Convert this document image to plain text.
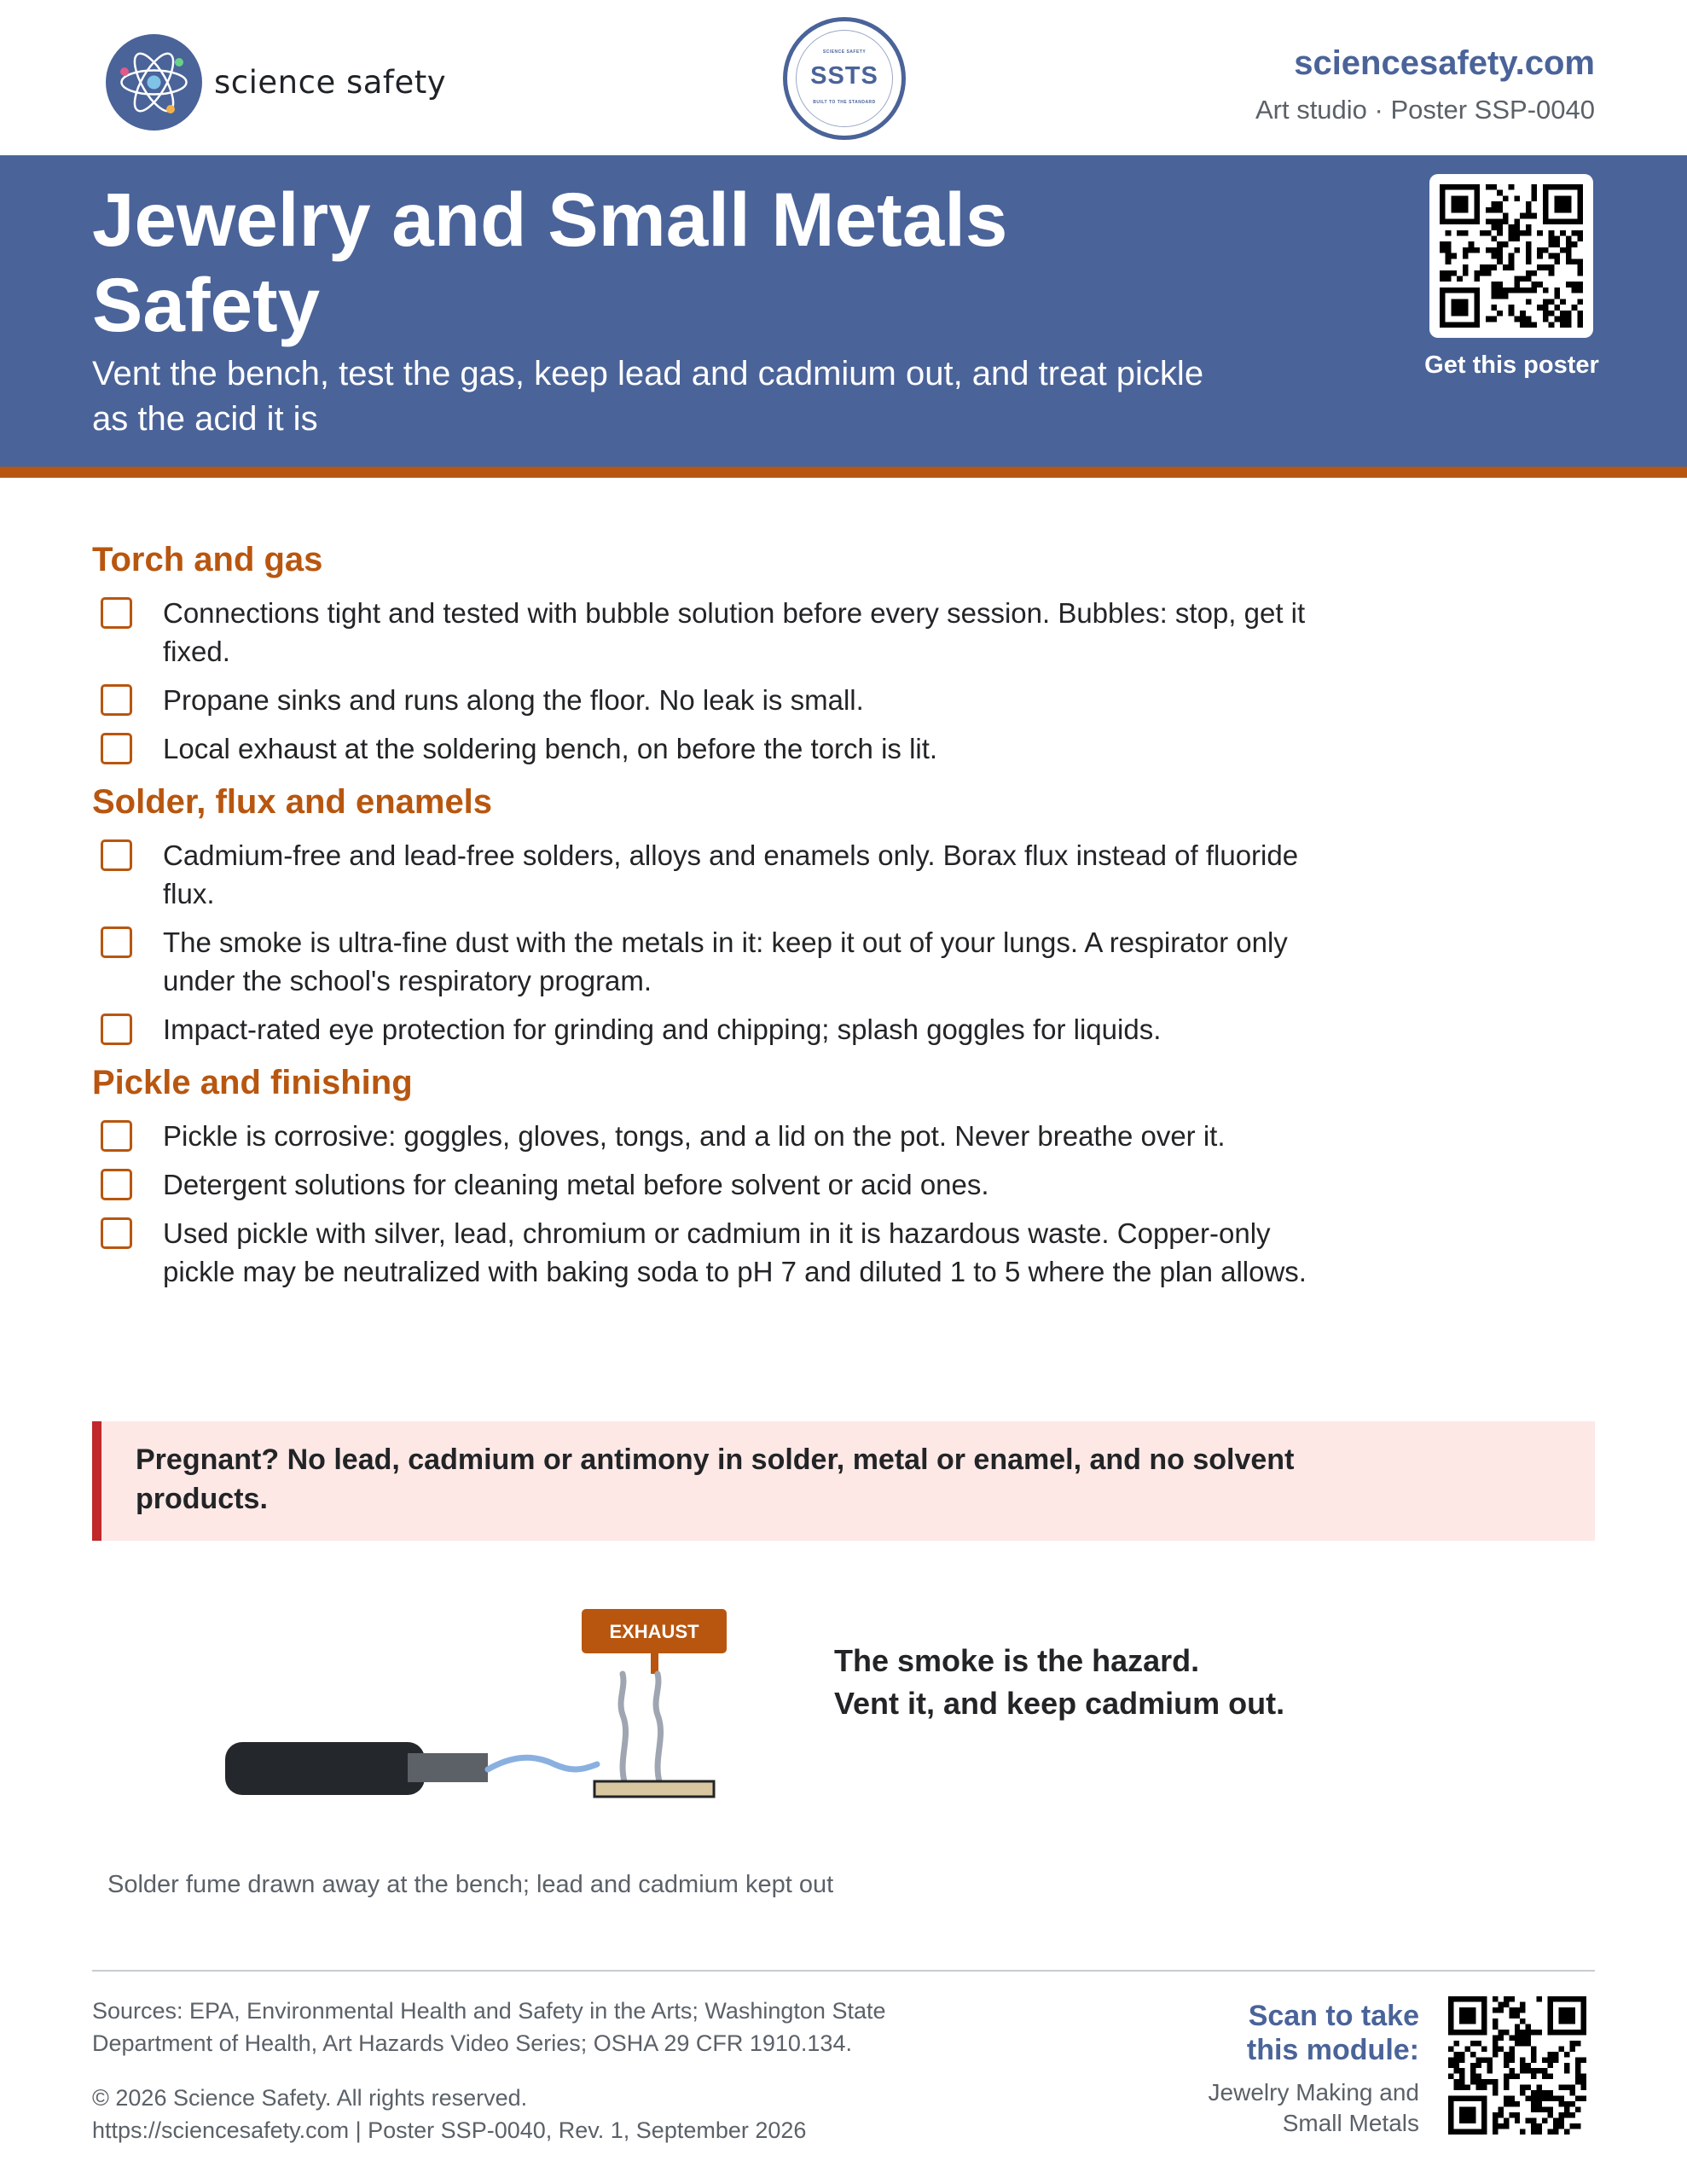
science safety
SCIENCE SAFETY
SSTS
BUILT TO THE STANDARD
sciencesafety.com
Art studio · Poster SSP-0040
Jewelry and Small Metals Safety
Vent the bench, test the gas, keep lead and cadmium out, and treat pickle as the acid it is
Get this poster
Torch and gas
Connections tight and tested with bubble solution before every session. Bubbles: stop, get it fixed.
Propane sinks and runs along the floor. No leak is small.
Local exhaust at the soldering bench, on before the torch is lit.
Solder, flux and enamels
Cadmium-free and lead-free solders, alloys and enamels only. Borax flux instead of fluoride flux.
The smoke is ultra-fine dust with the metals in it: keep it out of your lungs. A respirator only under the school's respiratory program.
Impact-rated eye protection for grinding and chipping; splash goggles for liquids.
Pickle and finishing
Pickle is corrosive: goggles, gloves, tongs, and a lid on the pot. Never breathe over it.
Detergent solutions for cleaning metal before solvent or acid ones.
Used pickle with silver, lead, chromium or cadmium in it is hazardous waste. Copper-only pickle may be neutralized with baking soda to pH 7 and diluted 1 to 5 where the plan allows.
Pregnant? No lead, cadmium or antimony in solder, metal or enamel, and no solvent products.
EXHAUST
The smoke is the hazard.
Vent it, and keep cadmium out.
Solder fume drawn away at the bench; lead and cadmium kept out
Sources: EPA, Environmental Health and Safety in the Arts; Washington State
Department of Health, Art Hazards Video Series; OSHA 29 CFR 1910.134.
© 2026 Science Safety. All rights reserved.
https://sciencesafety.com | Poster SSP-0040, Rev. 1, September 2026
Scan to take this module:
Jewelry Making and Small Metals
